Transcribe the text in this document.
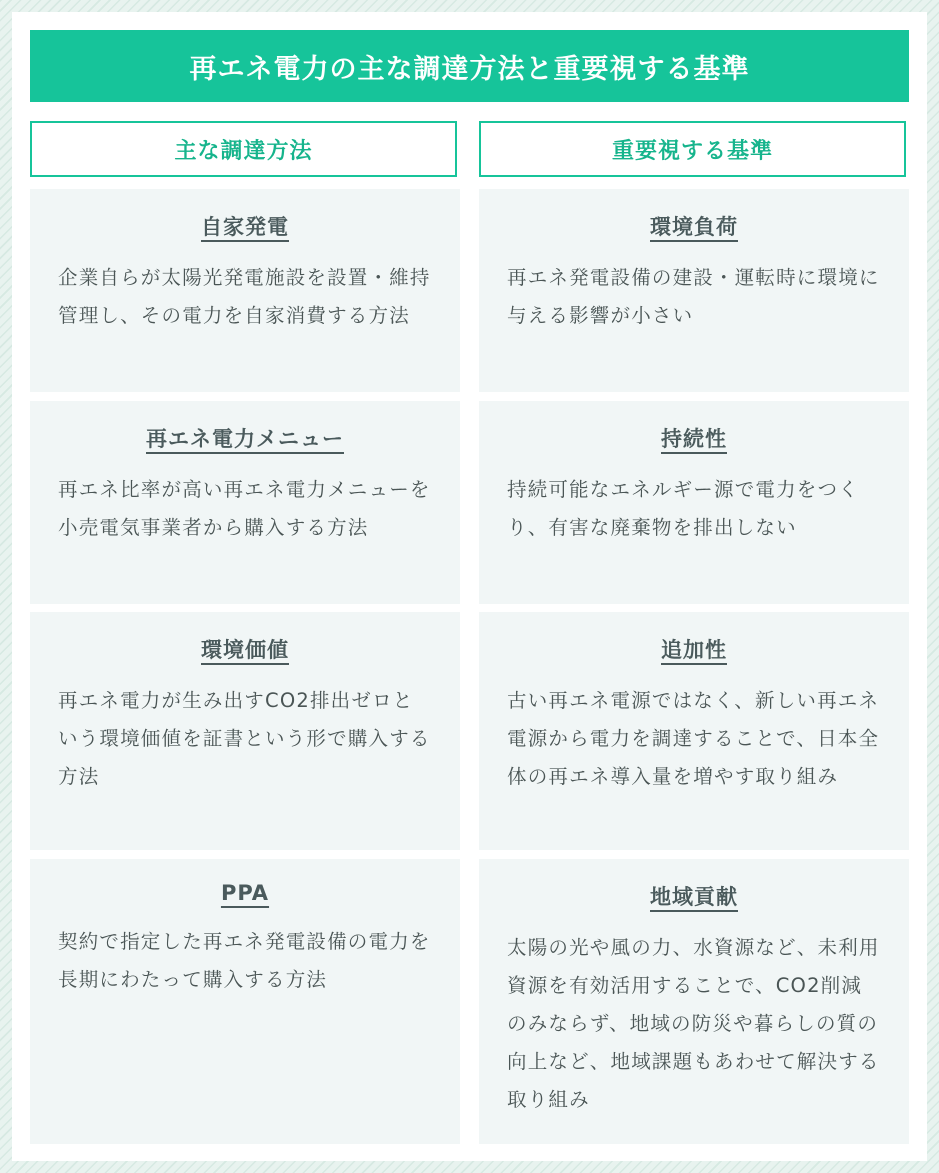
再エネ電力の主な調達方法と重要視する基準
主な調達方法	重要視する基準
自家発電
企業自らが太陽光発電施設を設置・維持管理し、その電力を自家消費する方法
再エネ電力メニュー
再エネ比率が高い再エネ電力メニューを小売電気事業者から購入する方法
環境価値
再エネ電力が生み出すCO2排出ゼロという環境価値を証書という形で購入する方法
PPA
契約で指定した再エネ発電設備の電力を長期にわたって購入する方法
環境負荷
再エネ発電設備の建設・運転時に環境に与える影響が小さい
持続性
持続可能なエネルギー源で電力をつくり、有害な廃棄物を排出しない
追加性
古い再エネ電源ではなく、新しい再エネ電源から電力を調達することで、日本全体の再エネ導入量を増やす取り組み
地域貢献
太陽の光や風の力、水資源など、未利用資源を有効活用することで、CO2削減のみならず、地域の防災や暮らしの質の向上など、地域課題もあわせて解決する取り組み
